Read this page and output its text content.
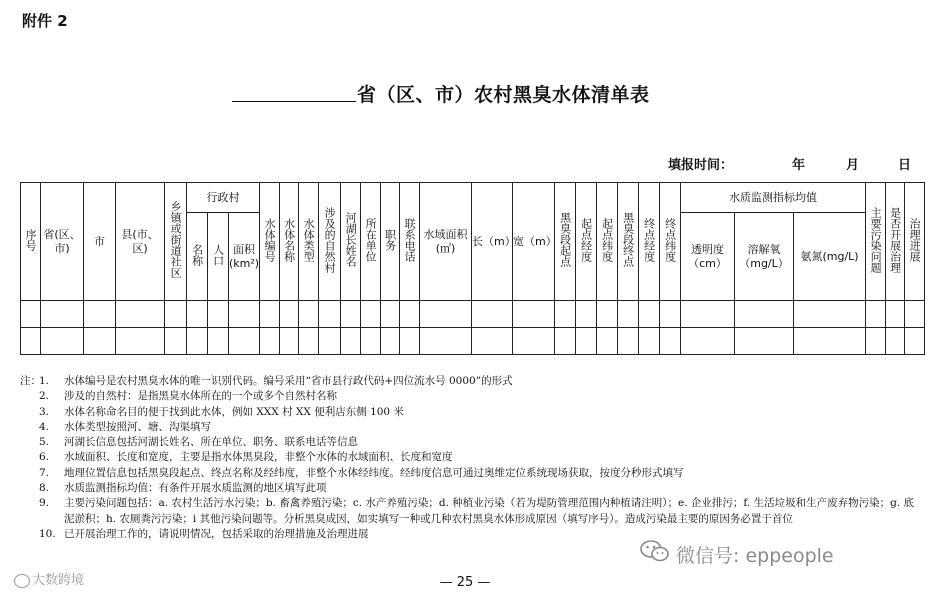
附件 2
省（区、市）农村黑臭水体清单表
填报时间：	年	月	日
序号	省(区、市)	市	县(市、区)	乡镇或街道社区	行政村			水体编号	水体名称	水体类型	涉及的自然村	河湖长姓名	所在单位	职务	联系电话	水域面积(㎡)	长（m）	宽（m）	黑臭段起点	起点经度	起点纬度	黑臭段终点	终点经度	终点纬度	水质监测指标均值			主要污染问题	是否开展治理	治理进展
					名称	人口	面积(km²)																		透明度（cm）	溶解氧（mg/L）	氨氮(mg/L)			

注：
1. 水体编号是农村黑臭水体的唯一识别代码。编号采用“省市县行政代码+四位流水号 0000”的形式
2. 涉及的自然村：是指黑臭水体所在的一个或多个自然村名称
3. 水体名称命名目的便于找到此水体，例如 XXX 村 XX 便利店东侧 100 米
4. 水体类型按照河、塘、沟渠填写
5. 河湖长信息包括河湖长姓名、所在单位、职务、联系电话等信息
6. 水域面积、长度和宽度，主要是指水体黑臭段，非整个水体的水域面积、长度和宽度
7. 地理位置信息包括黑臭段起点、终点名称及经纬度，非整个水体经纬度。经纬度信息可通过奥维定位系统现场获取，按度分秒形式填写
8. 水质监测指标均值：有条件开展水质监测的地区填写此项
9. 主要污染问题包括：a. 农村生活污水污染；b. 畜禽养殖污染；c. 水产养殖污染；d. 种植业污染（若为堤防管理范围内种植请注明）；e. 企业排污；f. 生活垃圾和生产废弃物污染；g. 底泥淤积；h. 农厕粪污污染；i 其他污染问题等。分析黑臭成因，如实填写一种或几种农村黑臭水体形成原因（填写序号）。造成污染最主要的原因务必置于首位
10. 已开展治理工作的，请说明情况，包括采取的治理措施及治理进展
— 25 —
微信号: eppeople
大数跨境
